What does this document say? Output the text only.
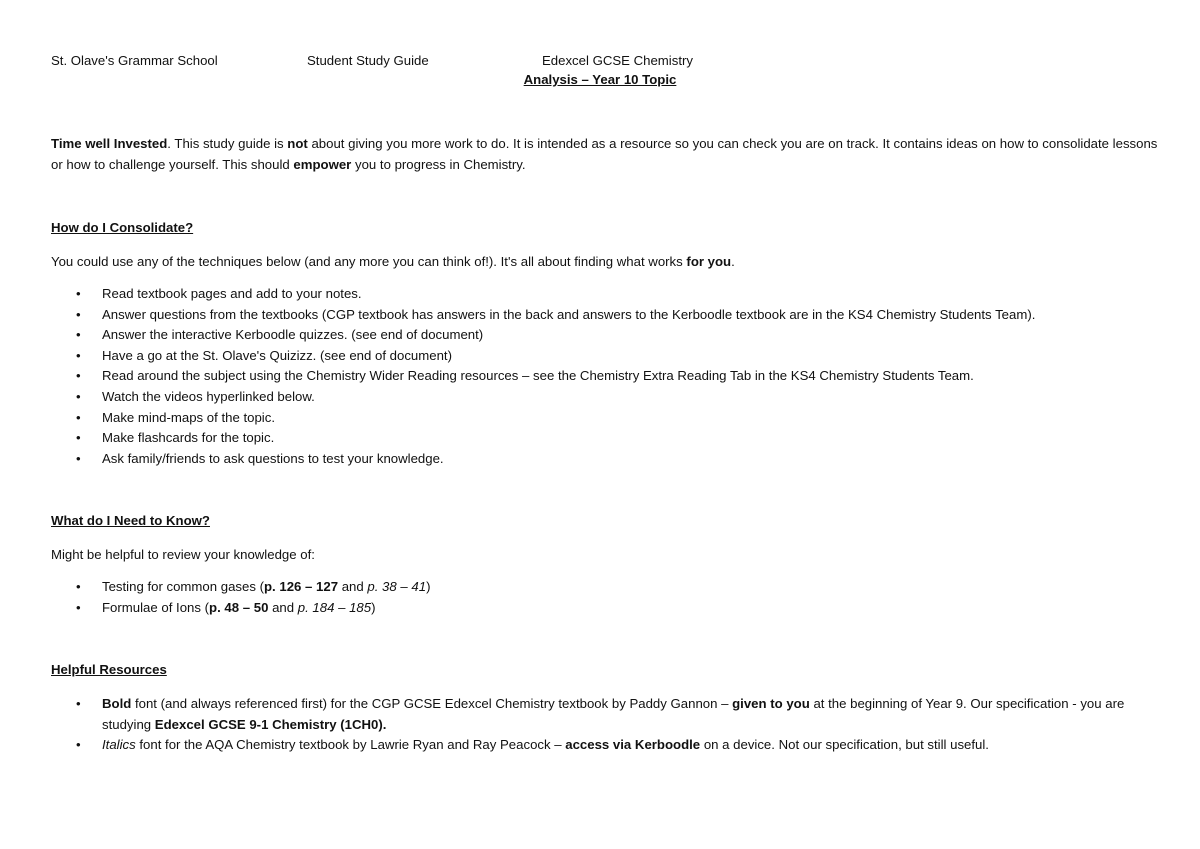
St. Olave's Grammar School	Student Study Guide	Edexcel GCSE Chemistry
Analysis – Year 10 Topic
Time well Invested. This study guide is not about giving you more work to do. It is intended as a resource so you can check you are on track. It contains ideas on how to consolidate lessons or how to challenge yourself. This should empower you to progress in Chemistry.
How do I Consolidate?
You could use any of the techniques below (and any more you can think of!). It's all about finding what works for you.
• Read textbook pages and add to your notes.
• Answer questions from the textbooks (CGP textbook has answers in the back and answers to the Kerboodle textbook are in the KS4 Chemistry Students Team).
• Answer the interactive Kerboodle quizzes. (see end of document)
• Have a go at the St. Olave's Quizizz. (see end of document)
• Read around the subject using the Chemistry Wider Reading resources – see the Chemistry Extra Reading Tab in the KS4 Chemistry Students Team.
• Watch the videos hyperlinked below.
• Make mind-maps of the topic.
• Make flashcards for the topic.
• Ask family/friends to ask questions to test your knowledge.
What do I Need to Know?
Might be helpful to review your knowledge of:
• Testing for common gases (p. 126 – 127 and p. 38 – 41)
• Formulae of Ions (p. 48 – 50 and p. 184 – 185)
Helpful Resources
• Bold font (and always referenced first) for the CGP GCSE Edexcel Chemistry textbook by Paddy Gannon – given to you at the beginning of Year 9. Our specification - you are studying Edexcel GCSE 9-1 Chemistry (1CH0).
• Italics font for the AQA Chemistry textbook by Lawrie Ryan and Ray Peacock – access via Kerboodle on a device. Not our specification, but still useful.
